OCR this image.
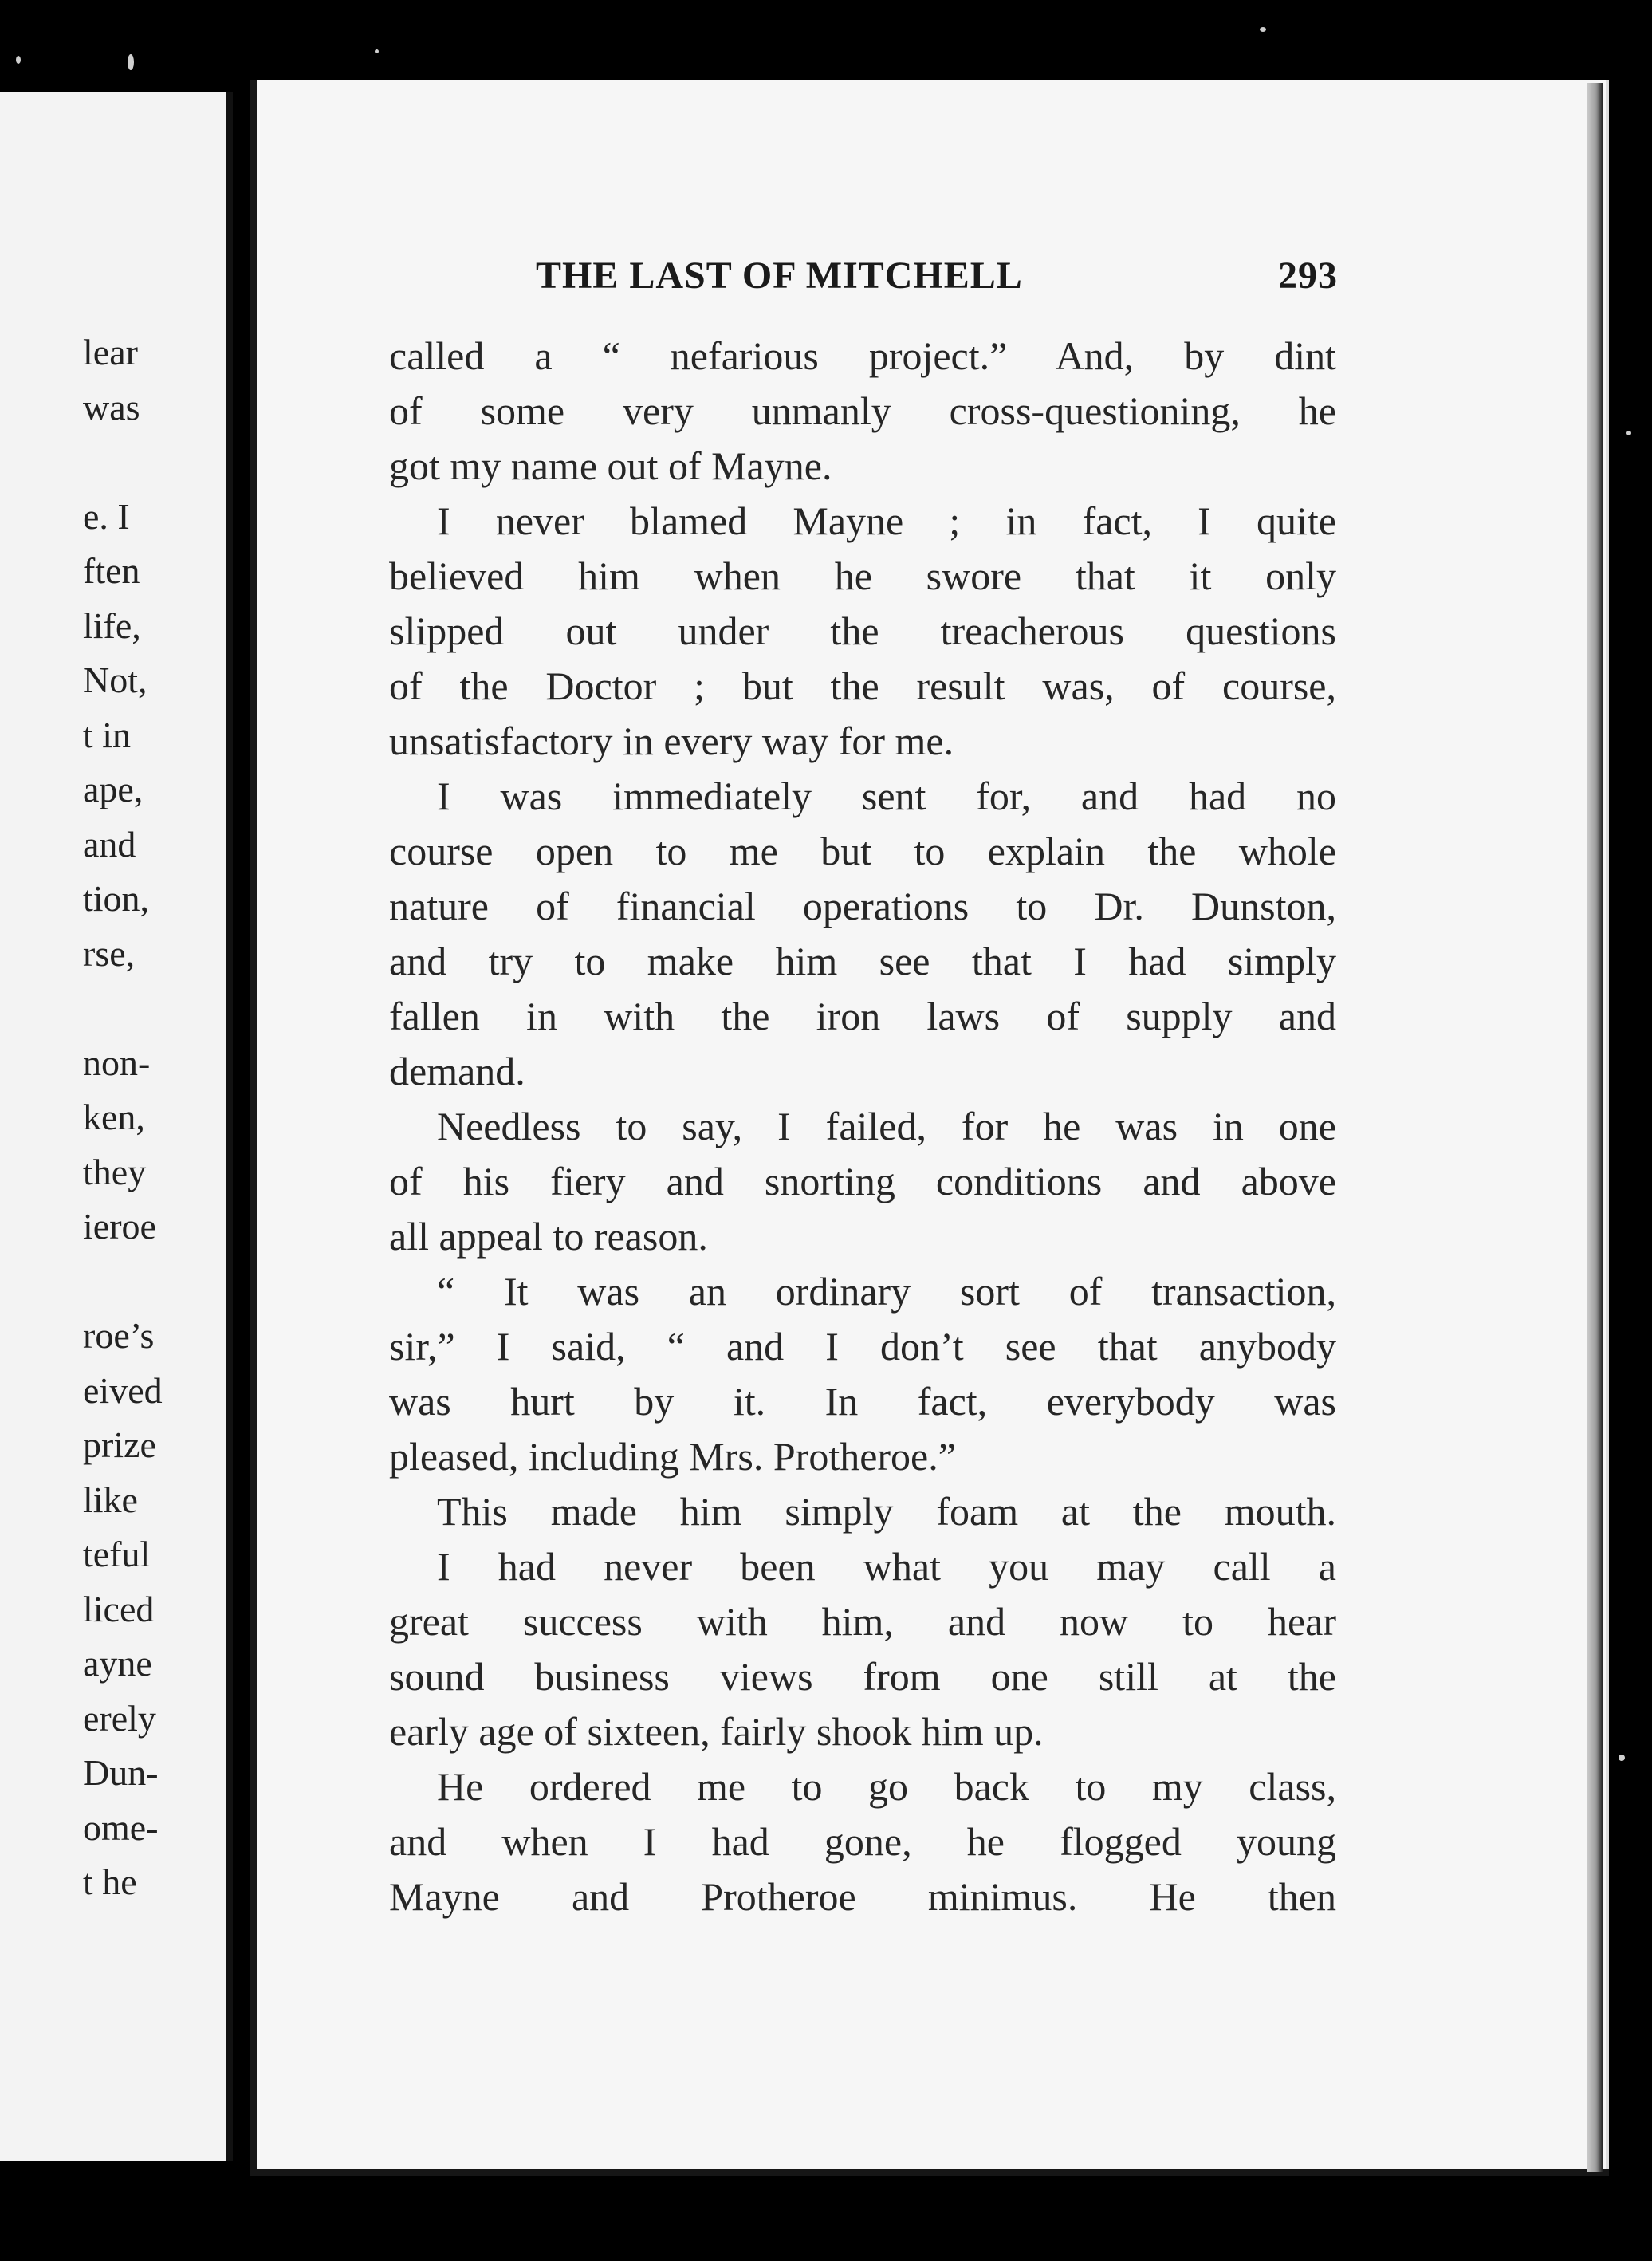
lear
was
e. I
ften
life,
Not,
t in
ape,
and
tion,
rse,
non-
ken,
they
ieroe
roe’s
eived
prize
like
teful
liced
ayne
erely
Dun-
ome-
t he
THE LAST OF MITCHELL	293
called a “ nefarious project.” And, by dint
of some very unmanly cross-questioning, he
got my name out of Mayne.
I never blamed Mayne ; in fact, I quite
believed him when he swore that it only
slipped out under the treacherous questions
of the Doctor ; but the result was, of course,
unsatisfactory in every way for me.
I was immediately sent for, and had no
course open to me but to explain the whole
nature of financial operations to Dr. Dunston,
and try to make him see that I had simply
fallen in with the iron laws of supply and
demand.
Needless to say, I failed, for he was in one
of his fiery and snorting conditions and above
all appeal to reason.
“ It was an ordinary sort of transaction,
sir,” I said, “ and I don’t see that anybody
was hurt by it. In fact, everybody was
pleased, including Mrs. Protheroe.”
This made him simply foam at the mouth.
I had never been what you may call a
great success with him, and now to hear
sound business views from one still at the
early age of sixteen, fairly shook him up.
He ordered me to go back to my class,
and when I had gone, he flogged young
Mayne and Protheroe minimus. He then
